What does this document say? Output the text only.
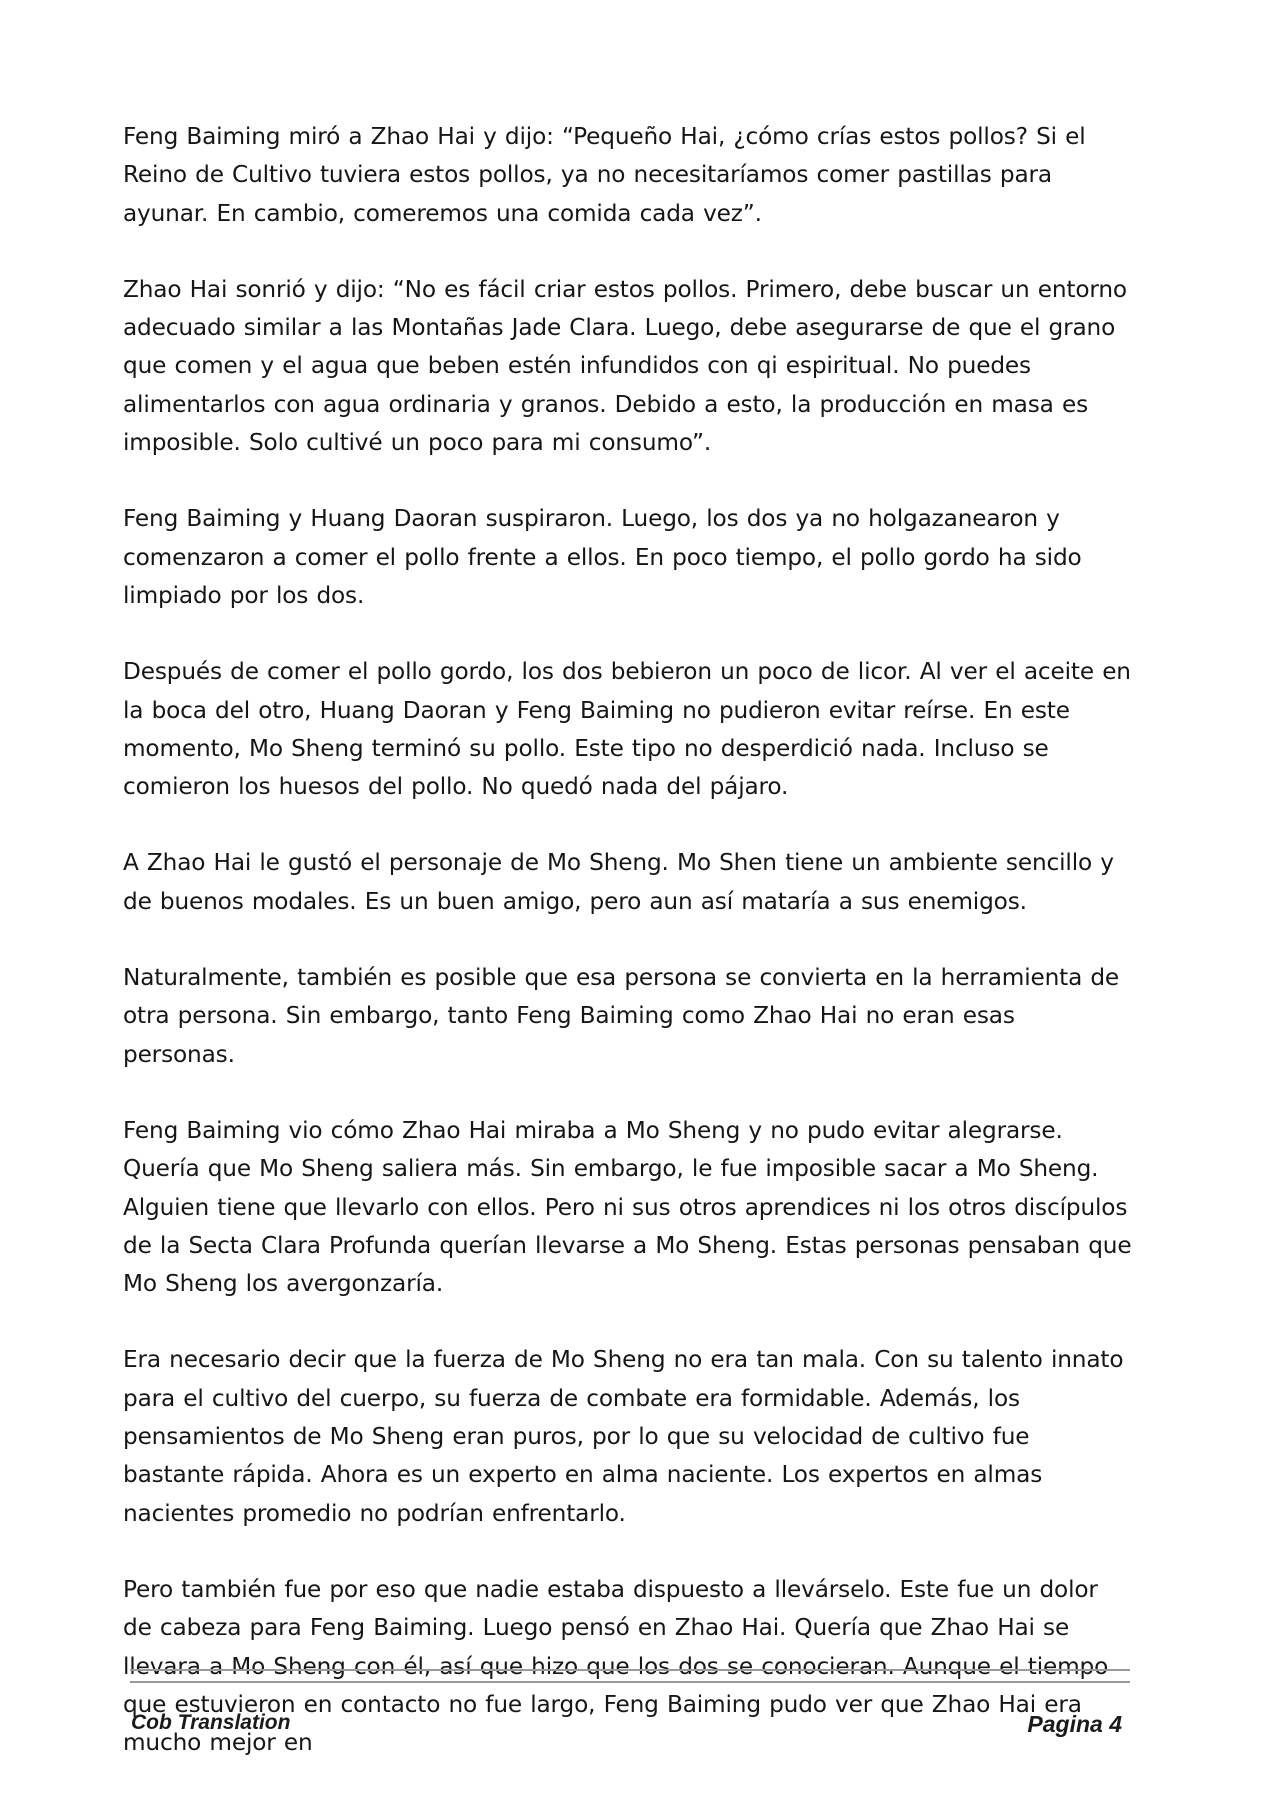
Feng Baiming miró a Zhao Hai y dijo: “Pequeño Hai, ¿cómo crías estos pollos? Si el Reino de Cultivo tuviera estos pollos, ya no necesitaríamos comer pastillas para ayunar. En cambio, comeremos una comida cada vez”.

Zhao Hai sonrió y dijo: “No es fácil criar estos pollos. Primero, debe buscar un entorno adecuado similar a las Montañas Jade Clara. Luego, debe asegurarse de que el grano que comen y el agua que beben estén infundidos con qi espiritual. No puedes alimentarlos con agua ordinaria y granos. Debido a esto, la producción en masa es imposible. Solo cultivé un poco para mi consumo”.

Feng Baiming y Huang Daoran suspiraron. Luego, los dos ya no holgazanearon y comenzaron a comer el pollo frente a ellos. En poco tiempo, el pollo gordo ha sido limpiado por los dos.

Después de comer el pollo gordo, los dos bebieron un poco de licor. Al ver el aceite en la boca del otro, Huang Daoran y Feng Baiming no pudieron evitar reírse. En este momento, Mo Sheng terminó su pollo. Este tipo no desperdició nada. Incluso se comieron los huesos del pollo. No quedó nada del pájaro.

A Zhao Hai le gustó el personaje de Mo Sheng. Mo Shen tiene un ambiente sencillo y de buenos modales. Es un buen amigo, pero aun así mataría a sus enemigos.

Naturalmente, también es posible que esa persona se convierta en la herramienta de otra persona. Sin embargo, tanto Feng Baiming como Zhao Hai no eran esas personas.

Feng Baiming vio cómo Zhao Hai miraba a Mo Sheng y no pudo evitar alegrarse. Quería que Mo Sheng saliera más. Sin embargo, le fue imposible sacar a Mo Sheng. Alguien tiene que llevarlo con ellos. Pero ni sus otros aprendices ni los otros discípulos de la Secta Clara Profunda querían llevarse a Mo Sheng. Estas personas pensaban que Mo Sheng los avergonzaría.

Era necesario decir que la fuerza de Mo Sheng no era tan mala. Con su talento innato para el cultivo del cuerpo, su fuerza de combate era formidable. Además, los pensamientos de Mo Sheng eran puros, por lo que su velocidad de cultivo fue bastante rápida. Ahora es un experto en alma naciente. Los expertos en almas nacientes promedio no podrían enfrentarlo.

Pero también fue por eso que nadie estaba dispuesto a llevárselo. Este fue un dolor de cabeza para Feng Baiming. Luego pensó en Zhao Hai. Quería que Zhao Hai se llevara a Mo Sheng con él, así que hizo que los dos se conocieran. Aunque el tiempo que estuvieron en contacto no fue largo, Feng Baiming pudo ver que Zhao Hai era mucho mejor en

Cob Translation	Pagina 4
